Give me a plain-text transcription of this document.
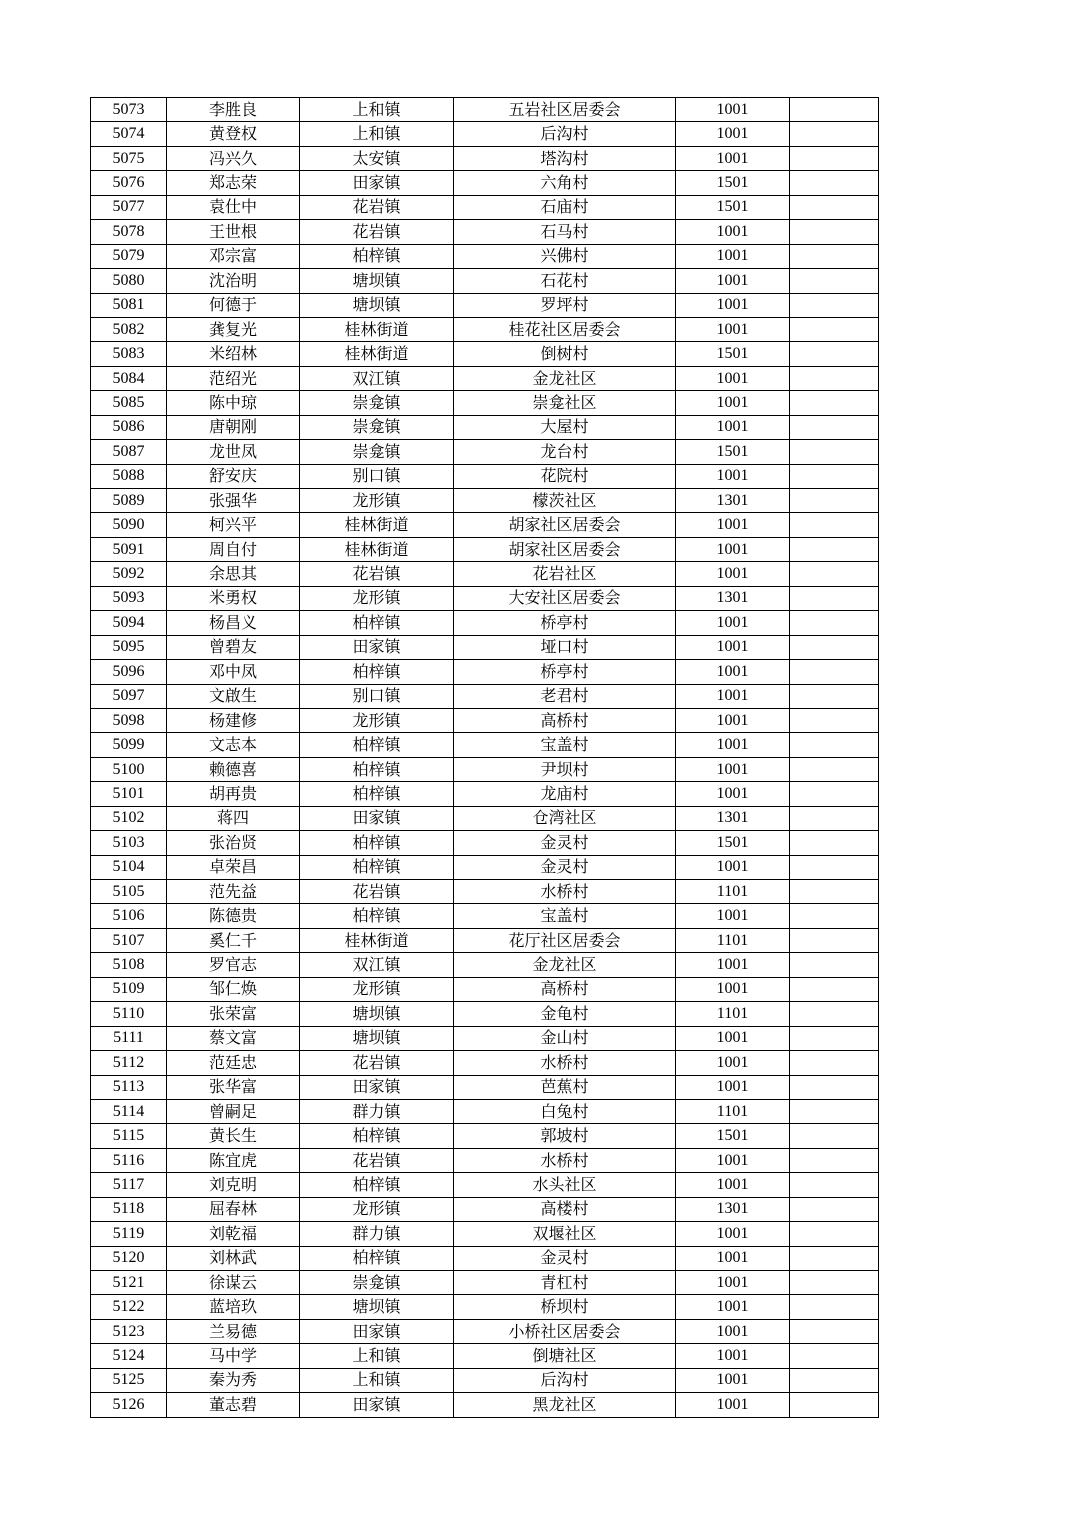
5073	李胜良	上和镇	五岩社区居委会	1001	
5074	黄登权	上和镇	后沟村	1001	
5075	冯兴久	太安镇	塔沟村	1001	
5076	郑志荣	田家镇	六角村	1501	
5077	袁仕中	花岩镇	石庙村	1501	
5078	王世根	花岩镇	石马村	1001	
5079	邓宗富	柏梓镇	兴佛村	1001	
5080	沈治明	塘坝镇	石花村	1001	
5081	何德于	塘坝镇	罗坪村	1001	
5082	龚复光	桂林街道	桂花社区居委会	1001	
5083	米绍林	桂林街道	倒树村	1501	
5084	范绍光	双江镇	金龙社区	1001	
5085	陈中琼	崇龛镇	崇龛社区	1001	
5086	唐朝刚	崇龛镇	大屋村	1001	
5087	龙世凤	崇龛镇	龙台村	1501	
5088	舒安庆	别口镇	花院村	1001	
5089	张强华	龙形镇	檬茨社区	1301	
5090	柯兴平	桂林街道	胡家社区居委会	1001	
5091	周自付	桂林街道	胡家社区居委会	1001	
5092	余思其	花岩镇	花岩社区	1001	
5093	米勇权	龙形镇	大安社区居委会	1301	
5094	杨昌义	柏梓镇	桥亭村	1001	
5095	曾碧友	田家镇	垭口村	1001	
5096	邓中凤	柏梓镇	桥亭村	1001	
5097	文啟生	别口镇	老君村	1001	
5098	杨建修	龙形镇	高桥村	1001	
5099	文志本	柏梓镇	宝盖村	1001	
5100	赖德喜	柏梓镇	尹坝村	1001	
5101	胡再贵	柏梓镇	龙庙村	1001	
5102	蒋四	田家镇	仓湾社区	1301	
5103	张治贤	柏梓镇	金灵村	1501	
5104	卓荣昌	柏梓镇	金灵村	1001	
5105	范先益	花岩镇	水桥村	1101	
5106	陈德贵	柏梓镇	宝盖村	1001	
5107	奚仁千	桂林街道	花厅社区居委会	1101	
5108	罗官志	双江镇	金龙社区	1001	
5109	邹仁焕	龙形镇	高桥村	1001	
5110	张荣富	塘坝镇	金龟村	1101	
5111	蔡文富	塘坝镇	金山村	1001	
5112	范廷忠	花岩镇	水桥村	1001	
5113	张华富	田家镇	芭蕉村	1001	
5114	曾嗣足	群力镇	白兔村	1101	
5115	黄长生	柏梓镇	郭坡村	1501	
5116	陈宜虎	花岩镇	水桥村	1001	
5117	刘克明	柏梓镇	水头社区	1001	
5118	屈春林	龙形镇	高楼村	1301	
5119	刘乾福	群力镇	双堰社区	1001	
5120	刘林武	柏梓镇	金灵村	1001	
5121	徐谋云	崇龛镇	青杠村	1001	
5122	蓝培玖	塘坝镇	桥坝村	1001	
5123	兰易德	田家镇	小桥社区居委会	1001	
5124	马中学	上和镇	倒塘社区	1001	
5125	秦为秀	上和镇	后沟村	1001	
5126	董志碧	田家镇	黑龙社区	1001	
